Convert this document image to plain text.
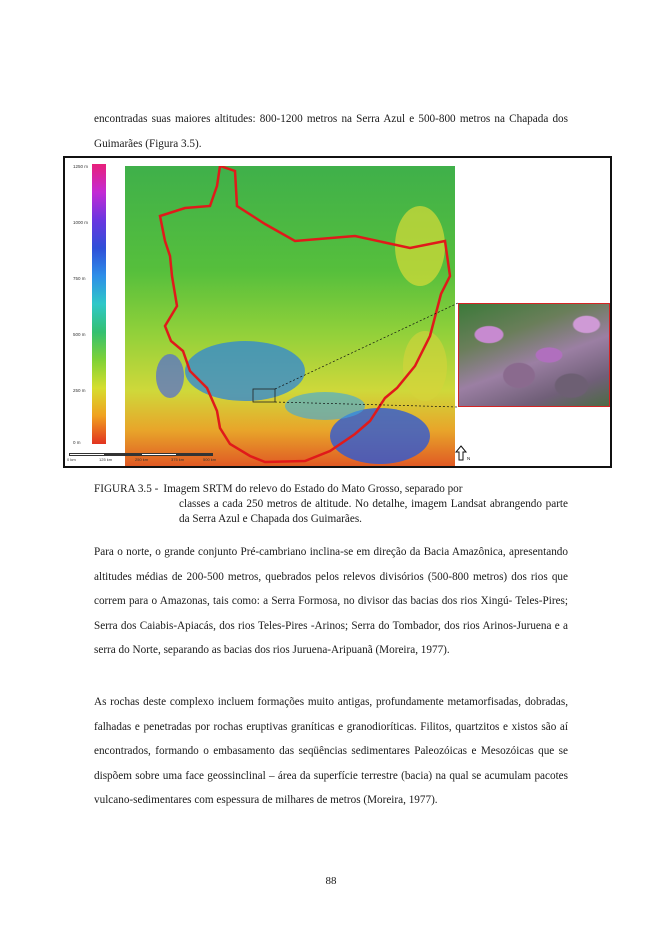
encontradas suas maiores altitudes: 800-1200 metros na Serra Azul e 500-800 metros na Chapada dos Guimarães (Figura 3.5).

1250 m
1000 m
750 m
500 m
250 m
0 m
0 km	125 km	250 km	375 km	500 km	N
FIGURA 3.5 - Imagem SRTM do relevo do Estado do Mato Grosso, separado por
classes a cada 250 metros de altitude. No detalhe, imagem Landsat abrangendo parte da Serra Azul e Chapada dos Guimarães.

Para o norte, o grande conjunto Pré-cambriano inclina-se em direção da Bacia Amazônica, apresentando altitudes médias de 200-500 metros, quebrados pelos relevos divisórios (500-800 metros) dos rios que correm para o Amazonas, tais como: a Serra Formosa, no divisor das bacias dos rios Xingú- Teles-Pires; Serra dos Caiabis-Apiacás, dos rios Teles-Pires -Arinos; Serra do Tombador, dos rios Arinos-Juruena e a serra do Norte, separando as bacias dos rios Juruena-Aripuanã (Moreira, 1977).

As rochas deste complexo incluem formações muito antigas, profundamente metamorfisadas, dobradas, falhadas e penetradas por rochas eruptivas graníticas e granodioríticas. Filitos, quartzitos e xistos são aí encontrados, formando o embasamento das seqüências sedimentares Paleozóicas e Mesozóicas que se dispõem sobre uma face geossinclinal – área da superfície terrestre (bacia) na qual se acumulam pacotes vulcano-sedimentares com espessura de milhares de metros (Moreira, 1977).

88
